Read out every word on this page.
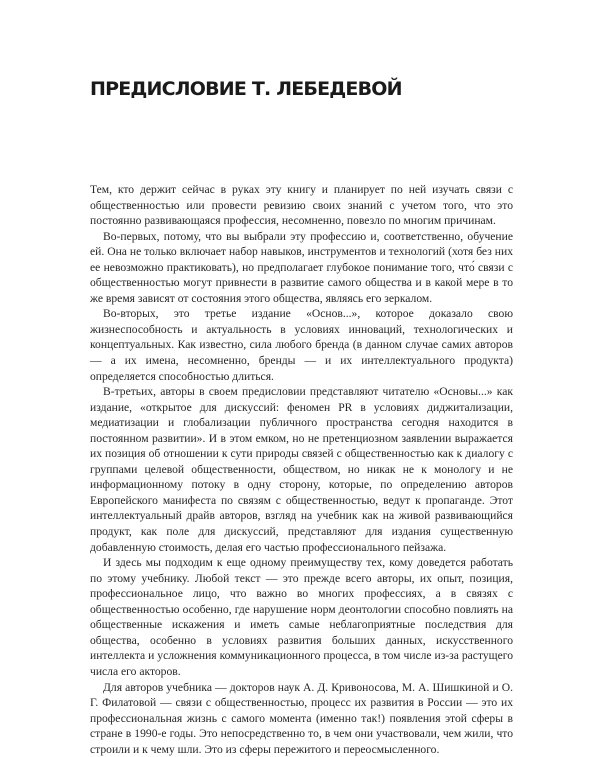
ПРЕДИСЛОВИЕ Т. ЛЕБЕДЕВОЙ

Тем, кто держит сейчас в руках эту книгу и планирует по ней изучать связи с общественностью или провести ревизию своих знаний с учетом того, что это постоянно развивающаяся профессия, несомненно, повезло по многим причинам.

Во-первых, потому, что вы выбрали эту профессию и, соответственно, обучение ей. Она не только включает набор навыков, инструментов и технологий (хотя без них ее невозможно практиковать), но предполагает глубокое понимание того, что́ связи с общественностью могут привнести в развитие самого общества и в какой мере в то же время зависят от состояния этого общества, являясь его зеркалом.

Во-вторых, это третье издание «Основ...», которое доказало свою жизнеспособность и актуальность в условиях инноваций, технологических и концептуальных. Как известно, сила любого бренда (в данном случае самих авторов — а их имена, несомненно, бренды — и их интеллектуального продукта) определяется способностью длиться.

В-третьих, авторы в своем предисловии представляют читателю «Основы...» как издание, «открытое для дискуссий: феномен PR в условиях диджитализации, медиатизации и глобализации публичного пространства сегодня находится в постоянном развитии». И в этом емком, но не претенциозном заявлении выражается их позиция об отношении к сути природы связей с общественностью как к диалогу с группами целевой общественности, обществом, но никак не к монологу и не информационному потоку в одну сторону, которые, по определению авторов Европейского манифеста по связям с общественностью, ведут к пропаганде. Этот интеллектуальный драйв авторов, взгляд на учебник как на живой развивающийся продукт, как поле для дискуссий, представляют для издания существенную добавленную стоимость, делая его частью профессионального пейзажа.

И здесь мы подходим к еще одному преимуществу тех, кому доведется работать по этому учебнику. Любой текст — это прежде всего авторы, их опыт, позиция, профессиональное лицо, что важно во многих профессиях, а в связях с общественностью особенно, где нарушение норм деонтологии способно повлиять на общественные искажения и иметь самые неблагоприятные последствия для общества, особенно в условиях развития больших данных, искусственного интеллекта и усложнения коммуникационного процесса, в том числе из-за растущего числа его акторов.

Для авторов учебника — докторов наук А. Д. Кривоносова, М. А. Шишкиной и О. Г. Филатовой — связи с общественностью, процесс их развития в России — это их профессиональная жизнь с самого момента (именно так!) появления этой сферы в стране в 1990-е годы. Это непосредственно то, в чем они участвовали, чем жили, что строили и к чему шли. Это из сферы пережитого и переосмысленного.
